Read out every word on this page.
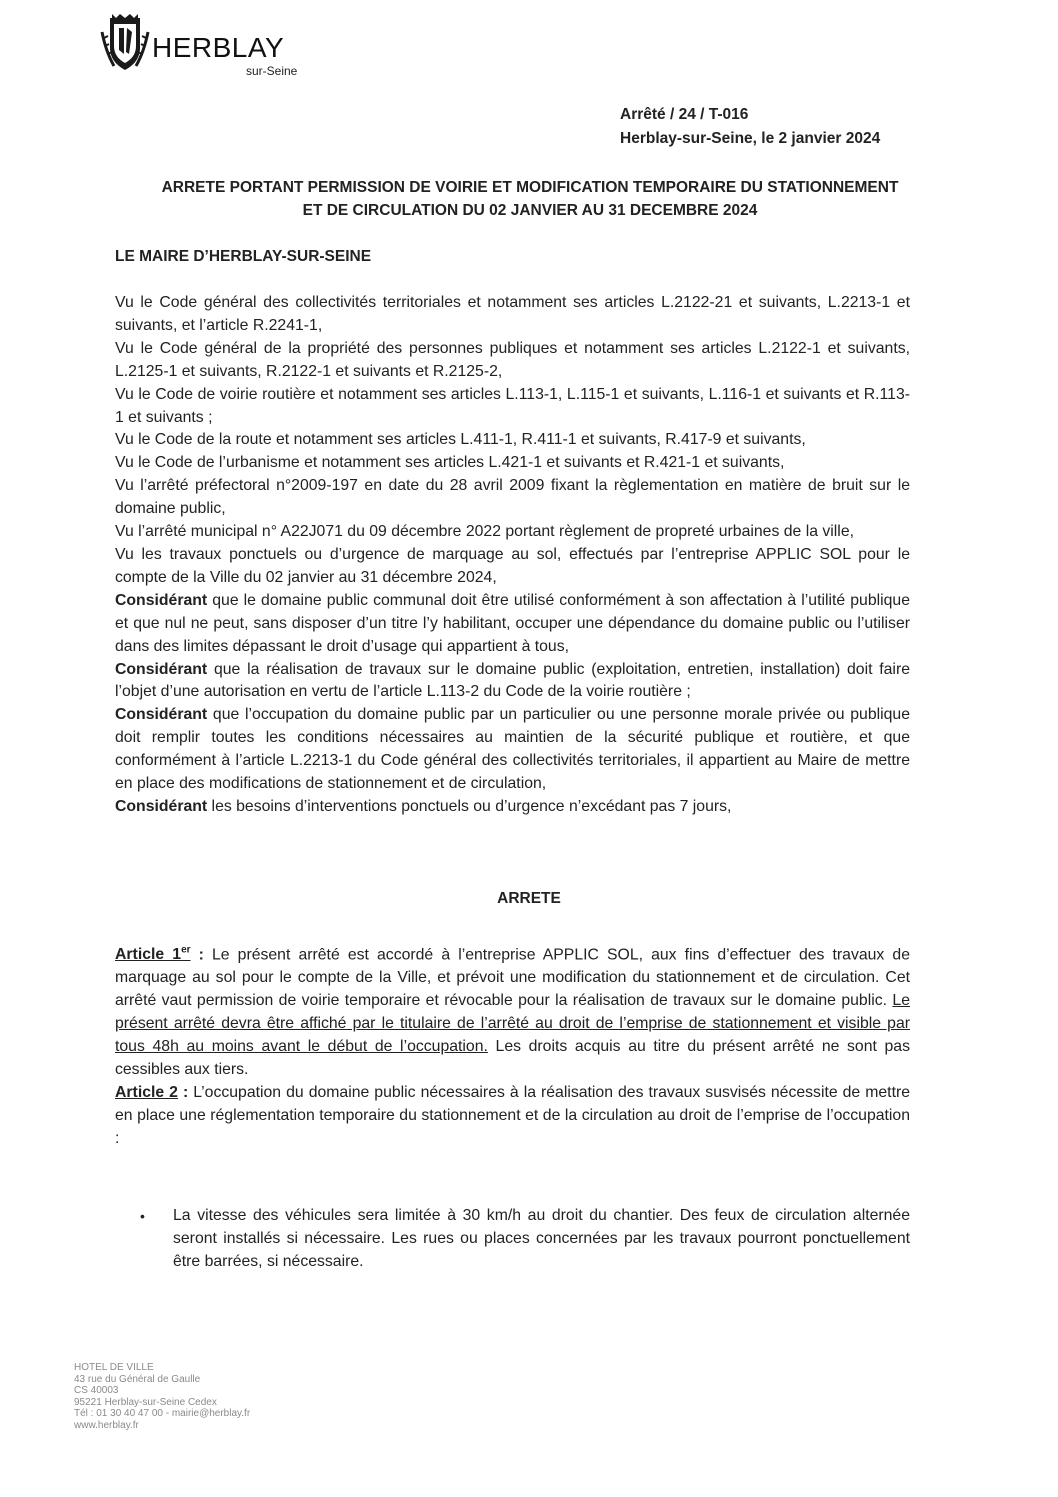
HERBLAY
sur-Seine
Arrêté / 24 / T-016
Herblay-sur-Seine, le 2 janvier 2024
ARRETE PORTANT PERMISSION DE VOIRIE ET MODIFICATION TEMPORAIRE DU STATIONNEMENT
ET DE CIRCULATION DU 02 JANVIER AU 31 DECEMBRE 2024
LE MAIRE D’HERBLAY-SUR-SEINE

Vu le Code général des collectivités territoriales et notamment ses articles L.2122-21 et suivants, L.2213-1 et suivants, et l’article R.2241-1,

Vu le Code général de la propriété des personnes publiques et notamment ses articles L.2122-1 et suivants, L.2125-1 et suivants, R.2122-1 et suivants et R.2125-2,

Vu le Code de voirie routière et notamment ses articles L.113-1, L.115-1 et suivants, L.116-1 et suivants et R.113-1 et suivants ;

Vu le Code de la route et notamment ses articles L.411-1, R.411-1 et suivants, R.417-9 et suivants,

Vu le Code de l’urbanisme et notamment ses articles L.421-1 et suivants et R.421-1 et suivants,

Vu l’arrêté préfectoral n°2009-197 en date du 28 avril 2009 fixant la règlementation en matière de bruit sur le domaine public,

Vu l’arrêté municipal n° A22J071 du 09 décembre 2022 portant règlement de propreté urbaines de la ville,

Vu les travaux ponctuels ou d’urgence de marquage au sol, effectués par l’entreprise APPLIC SOL pour le compte de la Ville du 02 janvier au 31 décembre 2024,

Considérant que le domaine public communal doit être utilisé conformément à son affectation à l’utilité publique et que nul ne peut, sans disposer d’un titre l’y habilitant, occuper une dépendance du domaine public ou l’utiliser dans des limites dépassant le droit d’usage qui appartient à tous,

Considérant que la réalisation de travaux sur le domaine public (exploitation, entretien, installation) doit faire l’objet d’une autorisation en vertu de l’article L.113-2 du Code de la voirie routière ;

Considérant que l’occupation du domaine public par un particulier ou une personne morale privée ou publique doit remplir toutes les conditions nécessaires au maintien de la sécurité publique et routière, et que conformément à l’article L.2213-1 du Code général des collectivités territoriales, il appartient au Maire de mettre en place des modifications de stationnement et de circulation,

Considérant les besoins d’interventions ponctuels ou d’urgence n’excédant pas 7 jours,

ARRETE

Article 1er : Le présent arrêté est accordé à l’entreprise APPLIC SOL, aux fins d’effectuer des travaux de marquage au sol pour le compte de la Ville, et prévoit une modification du stationnement et de circulation. Cet arrêté vaut permission de voirie temporaire et révocable pour la réalisation de travaux sur le domaine public. Le présent arrêté devra être affiché par le titulaire de l’arrêté au droit de l’emprise de stationnement et visible par tous 48h au moins avant le début de l’occupation. Les droits acquis au titre du présent arrêté ne sont pas cessibles aux tiers.

Article 2 : L’occupation du domaine public nécessaires à la réalisation des travaux susvisés nécessite de mettre en place une réglementation temporaire du stationnement et de la circulation au droit de l’emprise de l’occupation :

•	La vitesse des véhicules sera limitée à 30 km/h au droit du chantier. Des feux de circulation alternée seront installés si nécessaire. Les rues ou places concernées par les travaux pourront ponctuellement être barrées, si nécessaire.
HOTEL DE VILLE
43 rue du Général de Gaulle
CS 40003
95221 Herblay-sur-Seine Cedex
Tél : 01 30 40 47 00 - mairie@herblay.fr
www.herblay.fr
